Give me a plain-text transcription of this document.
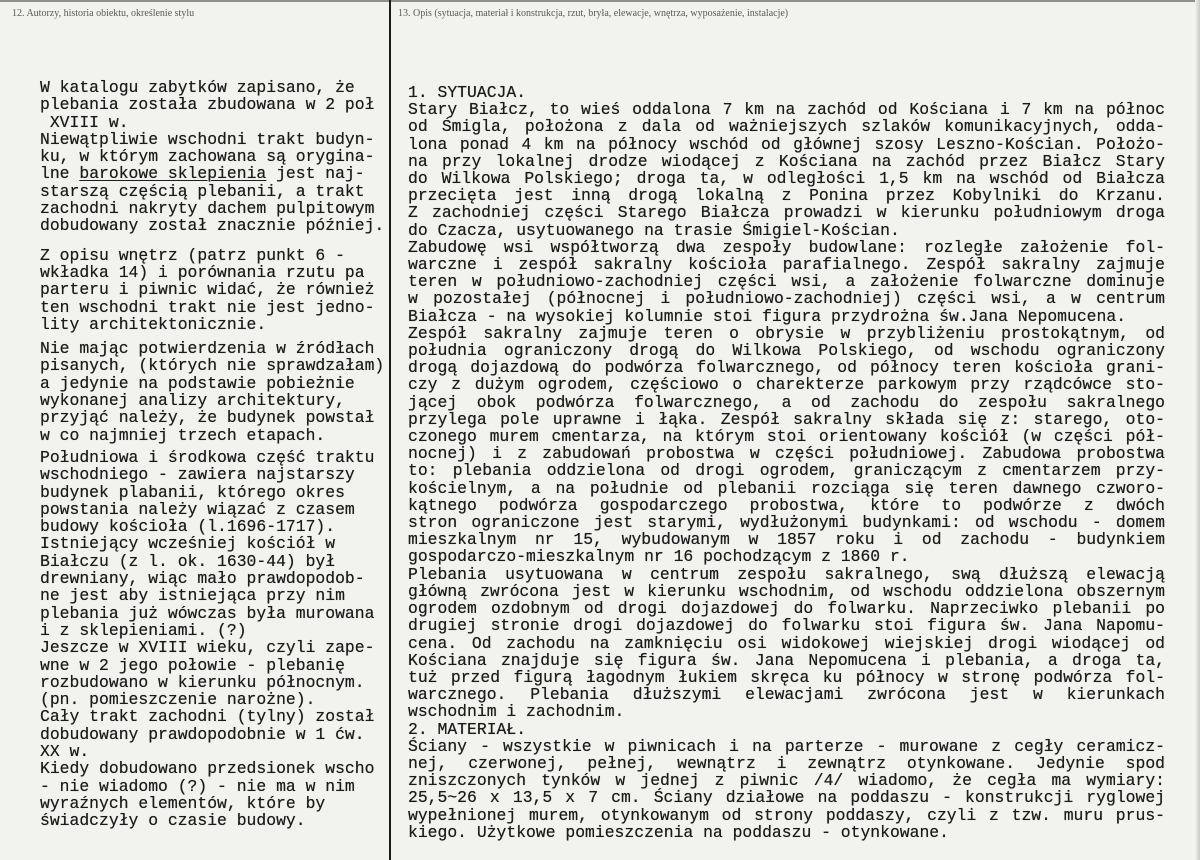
12. Autorzy, historia obiektu, określenie stylu	13. Opis (sytuacja, materiał i konstrukcja, rzut, bryła, elewacje, wnętrza, wyposażenie, instalacje)
W katalogu zabytków zapisano, że
plebania została zbudowana w 2 poł
XVIII w.
Niewątpliwie wschodni trakt budyn-
ku, w którym zachowana są orygina-
lne barokowe sklepienia jest naj-
starszą częścią plebanii, a trakt
zachodni nakryty dachem pulpitowym
dobudowany został znacznie później.
Z opisu wnętrz (patrz punkt 6 -
wkładka 14) i porównania rzutu pa
parteru i piwnic widać, że również
ten wschodni trakt nie jest jedno-
lity architektonicznie.
Nie mając potwierdzenia w źródłach
pisanych, (których nie sprawdzałam)
a jedynie na podstawie pobieżnie
wykonanej analizy architektury,
przyjąć należy, że budynek powstał
w co najmniej trzech etapach.
Południowa i środkowa część traktu
wschodniego - zawiera najstarszy
budynek plabanii, którego okres
powstania należy wiązać z czasem
budowy kościoła (l.1696-1717).
Istniejący wcześniej kościół w
Białczu (z l. ok. 1630-44) był
drewniany, wiąc mało prawdopodob-
ne jest aby istniejąca przy nim
plebania już wówczas była murowana
i z sklepieniami. (?)
Jeszcze w XVIII wieku, czyli zape-
wne w 2 jego połowie - plebanię
rozbudowano w kierunku północnym.
(pn. pomieszczenie narożne).
Cały trakt zachodni (tylny) został
dobudowany prawdopodobnie w 1 ćw.
XX w.
Kiedy dobudowano przedsionek wscho
- nie wiadomo (?) - nie ma w nim
wyraźnych elementów, które by
świadczyły o czasie budowy.
1. SYTUACJA.
Stary Białcz, to wieś oddalona 7 km na zachód od Kościana i 7 km na północ
od Śmigla, położona z dala od ważniejszych szlaków komunikacyjnych, odda-
lona ponad 4 km na północy wschód od głównej szosy Leszno-Kościan. Położo-
na przy lokalnej drodze wiodącej z Kościana na zachód przez Białcz Stary
do Wilkowa Polskiego; droga ta, w odległości 1,5 km na wschód od Białcza
przecięta jest inną drogą lokalną z Ponina przez Kobylniki do Krzanu.
Z zachodniej części Starego Białcza prowadzi w kierunku południowym droga
do Czacza, usytuowanego na trasie Śmigiel-Kościan.
Zabudowę wsi współtworzą dwa zespoły budowlane: rozległe założenie fol-
warczne i zespół sakralny kościoła parafialnego. Zespół sakralny zajmuje
teren w południowo-zachodniej części wsi, a założenie folwarczne dominuje
w pozostałej (północnej i południowo-zachodniej) części wsi, a w centrum
Białcza - na wysokiej kolumnie stoi figura przydrożna św.Jana Nepomucena.
Zespół sakralny zajmuje teren o obrysie w przybliżeniu prostokątnym, od
południa ograniczony drogą do Wilkowa Polskiego, od wschodu ograniczony
drogą dojazdową do podwórza folwarcznego, od północy teren kościoła grani-
czy z dużym ogrodem, częściowo o charekterze parkowym przy rządcówce sto-
jącej obok podwórza folwarcznego, a od zachodu do zespołu sakralnego
przylega pole uprawne i łąka. Zespół sakralny składa się z: starego, oto-
czonego murem cmentarza, na którym stoi orientowany kościół (w części pół-
nocnej) i z zabudowań probostwa w części południowej. Zabudowa probostwa
to: plebania oddzielona od drogi ogrodem, graniczącym z cmentarzem przy-
kościelnym, a na południe od plebanii rozciąga się teren dawnego czworo-
kątnego podwórza gospodarczego probostwa, które to podwórze z dwóch
stron ograniczone jest starymi, wydłużonymi budynkami: od wschodu - domem
mieszkalnym nr 15, wybudowanym w 1857 roku i od zachodu - budynkiem
gospodarczo-mieszkalnym nr 16 pochodzącym z 1860 r.
Plebania usytuowana w centrum zespołu sakralnego, swą dłuższą elewacją
główną zwrócona jest w kierunku wschodnim, od wschodu oddzielona obszernym
ogrodem ozdobnym od drogi dojazdowej do folwarku. Naprzeciwko plebanii po
drugiej stronie drogi dojazdowej do folwarku stoi figura św. Jana Napomu-
cena. Od zachodu na zamknięciu osi widokowej wiejskiej drogi wiodącej od
Kościana znajduje się figura św. Jana Nepomucena i plebania, a droga ta,
tuż przed figurą łagodnym łukiem skręca ku północy w stronę podwórza fol-
warcznego. Plebania dłuższymi elewacjami zwrócona jest w kierunkach
wschodnim i zachodnim.
2. MATERIAŁ.
Ściany - wszystkie w piwnicach i na parterze - murowane z cegły ceramicz-
nej, czerwonej, pełnej, wewnątrz i zewnątrz otynkowane. Jedynie spod
zniszczonych tynków w jednej z piwnic /4/ wiadomo, że cegła ma wymiary:
25,5~26 x 13,5 x 7 cm. Ściany działowe na poddaszu - konstrukcji ryglowej
wypełnionej murem, otynkowanym od strony poddaszy, czyli z tzw. muru prus-
kiego. Użytkowe pomieszczenia na poddaszu - otynkowane.
